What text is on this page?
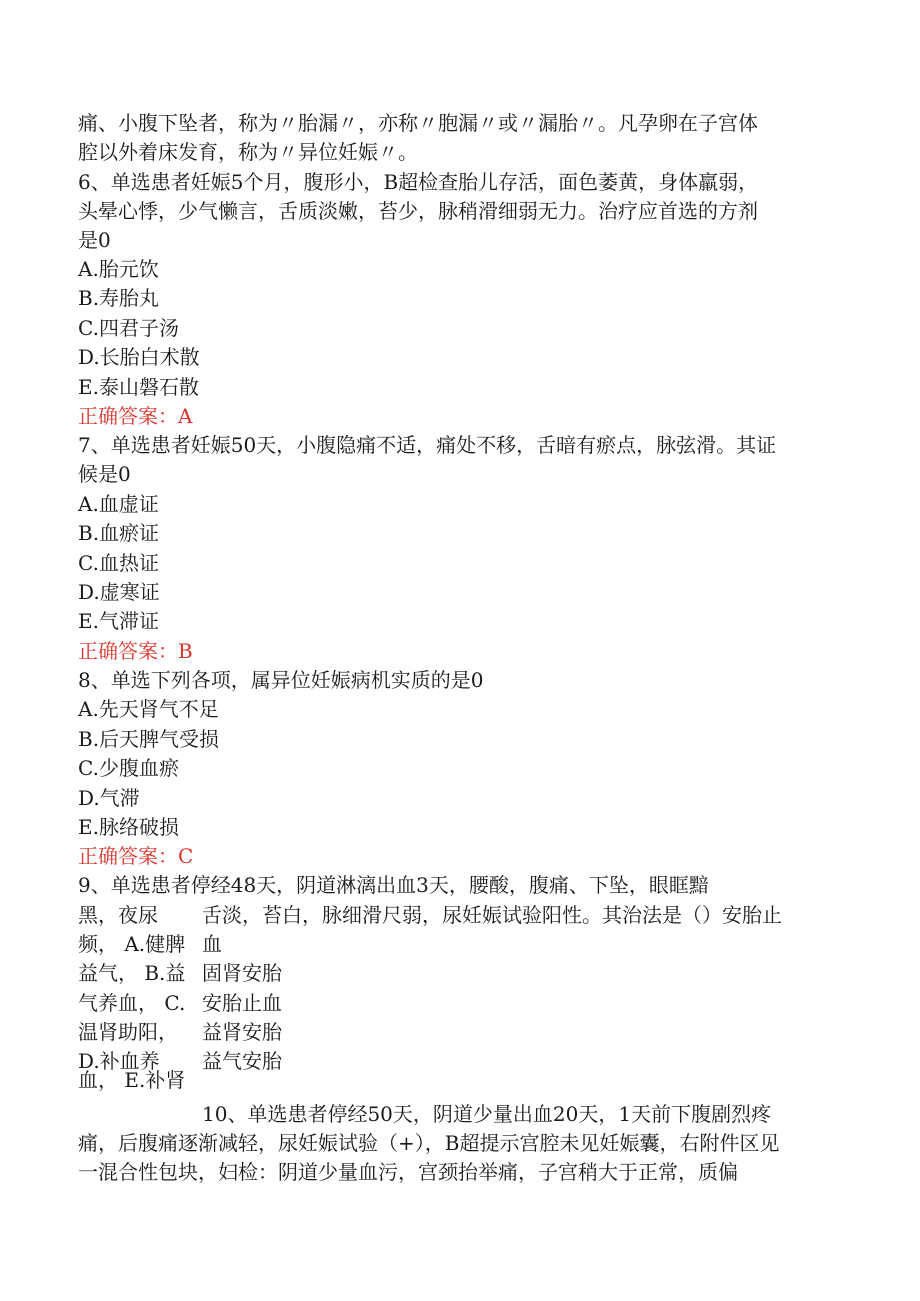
痛、小腹下坠者，称为〃胎漏〃，亦称〃胞漏〃或〃漏胎〃。凡孕卵在子宫体
腔以外着床发育，称为〃异位妊娠〃。
6、单选患者妊娠5个月，腹形小，B超检查胎儿存活，面色萎黄，身体羸弱，
头晕心悸，少气懒言，舌质淡嫩，苔少，脉稍滑细弱无力。治疗应首选的方剂
是0
A.胎元饮
B.寿胎丸
C.四君子汤
D.长胎白术散
E.泰山磐石散
正确答案：A
7、单选患者妊娠50天，小腹隐痛不适，痛处不移，舌暗有瘀点，脉弦滑。其证
候是0
A.血虚证
B.血瘀证
C.血热证
D.虚寒证
E.气滞证
正确答案：B
8、单选下列各项，属异位妊娠病机实质的是0
A.先天肾气不足
B.后天脾气受损
C.少腹血瘀
D.气滞
E.脉络破损
正确答案：C
9、单选患者停经48天，阴道淋漓出血3天，腰酸，腹痛、下坠，眼眶黯
黑，夜尿
频， A.健脾
益气， B.益
气养血， C.
温肾助阳，
D.补血养
血， E.补肾
舌淡，苔白，脉细滑尺弱，尿妊娠试验阳性。其治法是（）安胎止
血
固肾安胎
安胎止血
益肾安胎
益气安胎
10、单选患者停经50天，阴道少量出血20天，1天前下腹剧烈疼
痛，后腹痛逐渐减轻，尿妊娠试验（+），B超提示宫腔未见妊娠囊，右附件区见
一混合性包块，妇检：阴道少量血污，宫颈抬举痛，子宫稍大于正常，质偏
